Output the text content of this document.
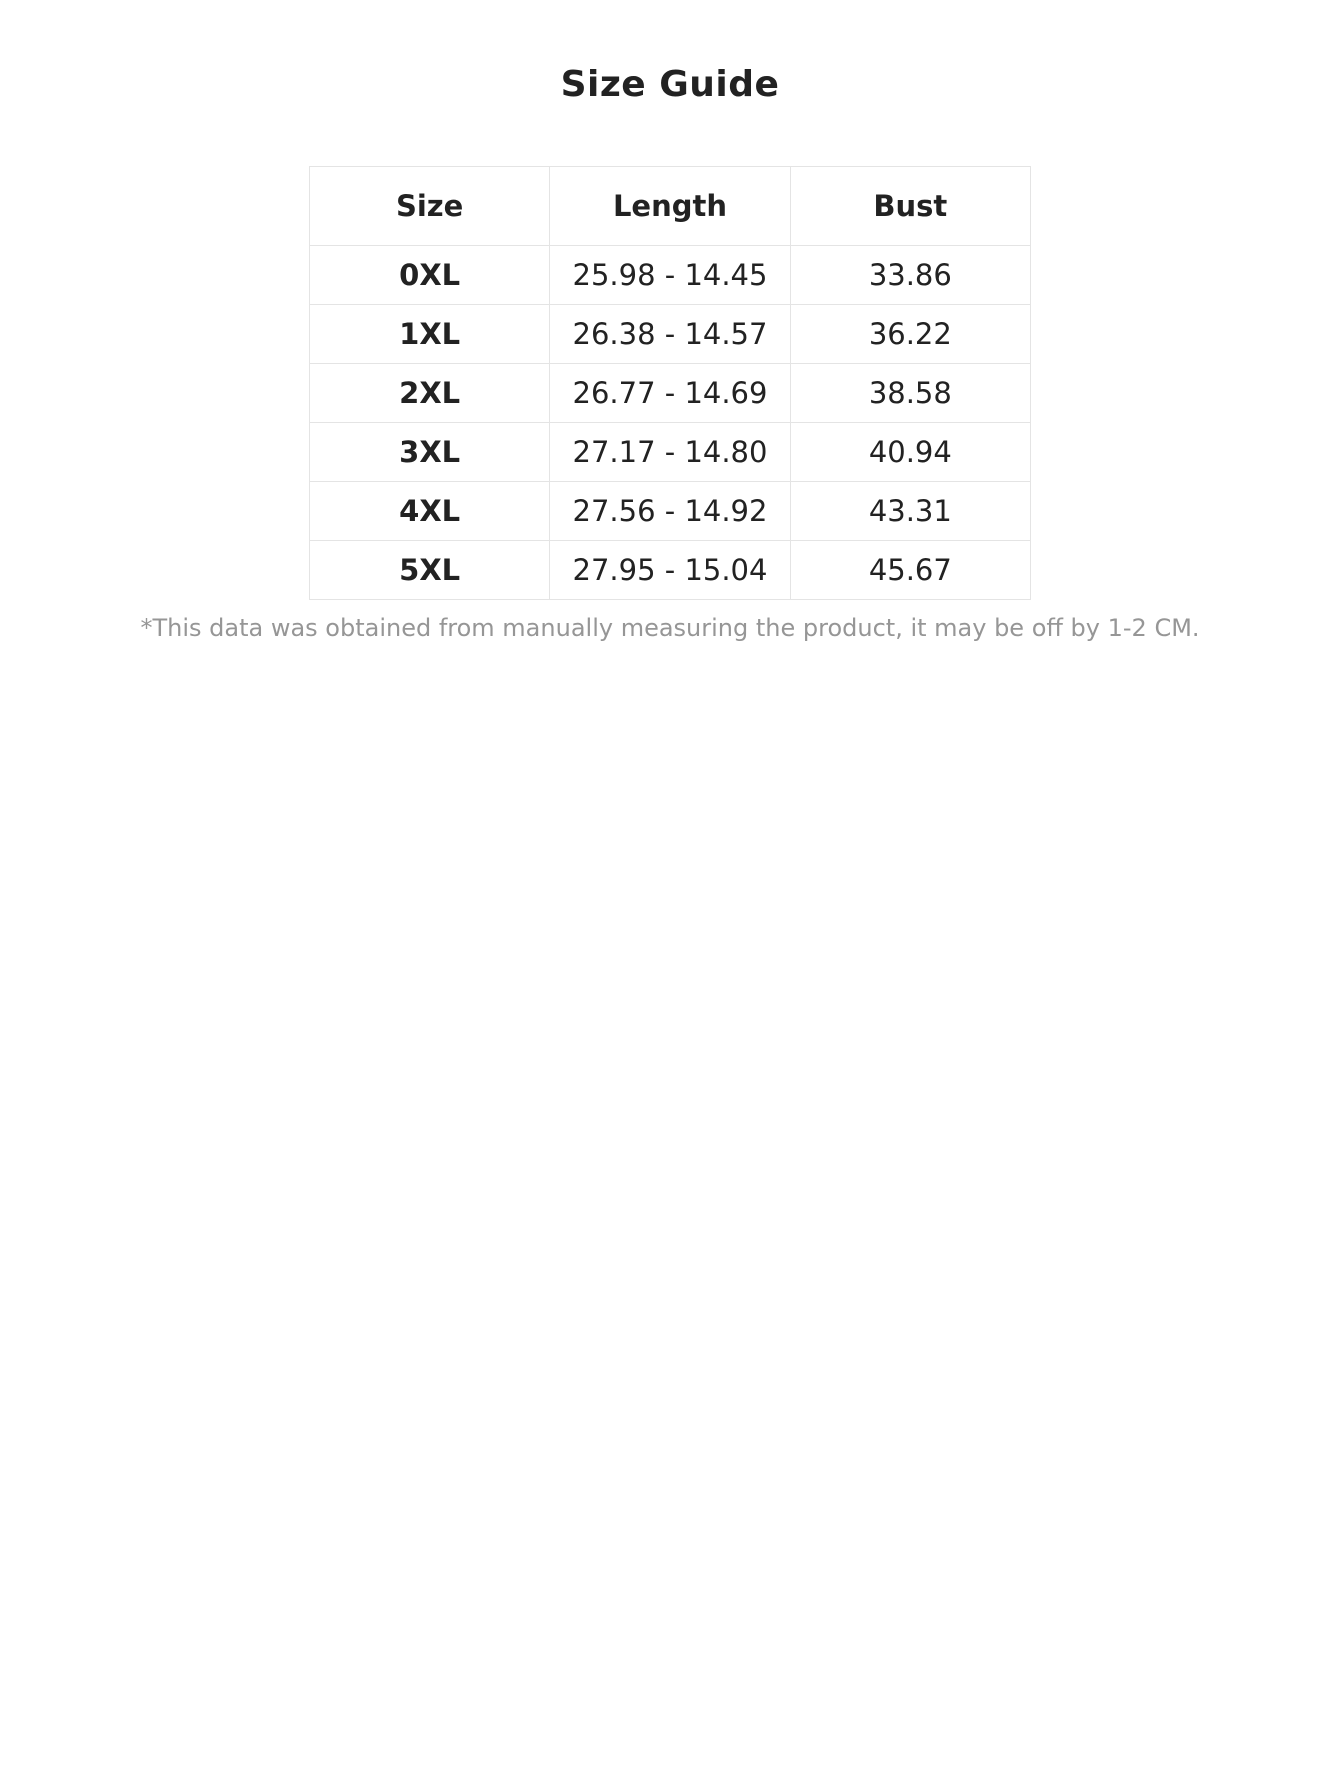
Size Guide
Size	Length	Bust
0XL	25.98 - 14.45	33.86
1XL	26.38 - 14.57	36.22
2XL	26.77 - 14.69	38.58
3XL	27.17 - 14.80	40.94
4XL	27.56 - 14.92	43.31
5XL	27.95 - 15.04	45.67

*This data was obtained from manually measuring the product, it may be off by 1-2 CM.
